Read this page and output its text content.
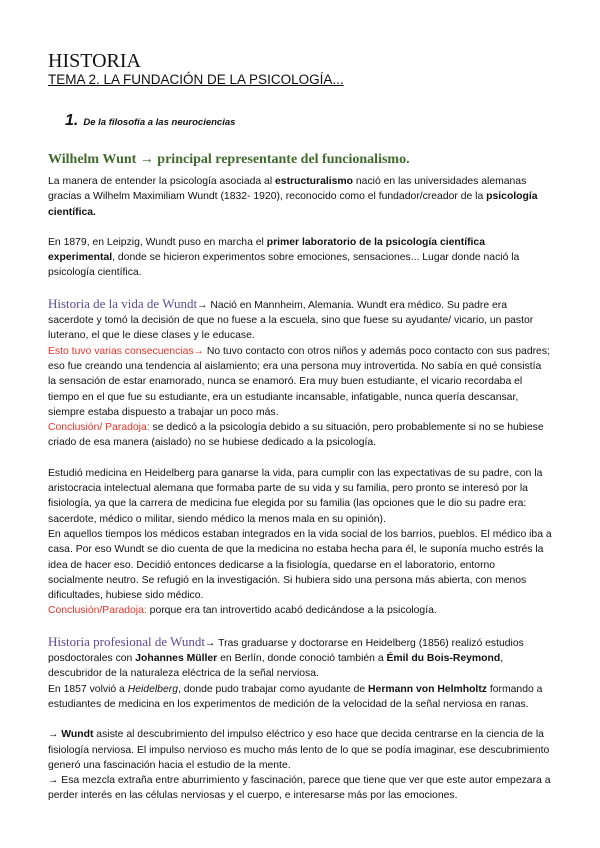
HISTORIA
TEMA 2. LA FUNDACIÓN DE LA PSICOLOGÍA...
1. De la filosofía a las neurociencias
Wilhelm Wunt → principal representante del funcionalismo.

La manera de entender la psicología asociada al estructuralismo nació en las universidades alemanas gracias a Wilhelm Maximiliam Wundt (1832- 1920), reconocido como el fundador/creador de la psicología científica.

En 1879, en Leipzig, Wundt puso en marcha el primer laboratorio de la psicología científica experimental, donde se hicieron experimentos sobre emociones, sensaciones... Lugar donde nació la psicología científica.

Historia de la vida de Wundt→ Nació en Mannheim, Alemania. Wundt era médico. Su padre era sacerdote y tomó la decisión de que no fuese a la escuela, sino que fuese su ayudante/ vicario, un pastor luterano, el que le diese clases y le educase.
Esto tuvo varias consecuencias→ No tuvo contacto con otros niños y además poco contacto con sus padres; eso fue creando una tendencia al aislamiento; era una persona muy introvertida. No sabía en qué consistía la sensación de estar enamorado, nunca se enamoró. Era muy buen estudiante, el vicario recordaba el tiempo en el que fue su estudiante, era un estudiante incansable, infatigable, nunca quería descansar, siempre estaba dispuesto a trabajar un poco más.
Conclusión/ Paradoja: se dedicó a la psicología debido a su situación, pero probablemente si no se hubiese criado de esa manera (aislado) no se hubiese dedicado a la psicología.

Estudió medicina en Heidelberg para ganarse la vida, para cumplir con las expectativas de su padre, con la aristocracia intelectual alemana que formaba parte de su vida y su familia, pero pronto se interesó por la fisiología, ya que la carrera de medicina fue elegida por su familia (las opciones que le dio su padre era: sacerdote, médico o militar, siendo médico la menos mala en su opinión).
En aquellos tiempos los médicos estaban integrados en la vida social de los barrios, pueblos. El médico iba a casa. Por eso Wundt se dio cuenta de que la medicina no estaba hecha para él, le suponía mucho estrés la idea de hacer eso. Decidió entonces dedicarse a la fisiología, quedarse en el laboratorio, entorno socialmente neutro. Se refugió en la investigación. Si hubiera sido una persona más abierta, con menos dificultades, hubiese sido médico.
Conclusión/Paradoja: porque era tan introvertido acabó dedicándose a la psicología.

Historia profesional de Wundt→ Tras graduarse y doctorarse en Heidelberg (1856) realizó estudios posdoctorales con Johannes Müller en Berlín, donde conoció también a Émil du Bois-Reymond, descubridor de la naturaleza eléctrica de la señal nerviosa.
En 1857 volvió a Heidelberg, donde pudo trabajar como ayudante de Hermann von Helmholtz formando a estudiantes de medicina en los experimentos de medición de la velocidad de la señal nerviosa en ranas.

→ Wundt asiste al descubrimiento del impulso eléctrico y eso hace que decida centrarse en la ciencia de la fisiología nerviosa. El impulso nervioso es mucho más lento de lo que se podía imaginar, ese descubrimiento generó una fascinación hacia el estudio de la mente.
→ Esa mezcla extraña entre aburrimiento y fascinación, parece que tiene que ver que este autor empezara a perder interés en las células nerviosas y el cuerpo, e interesarse más por las emociones.
